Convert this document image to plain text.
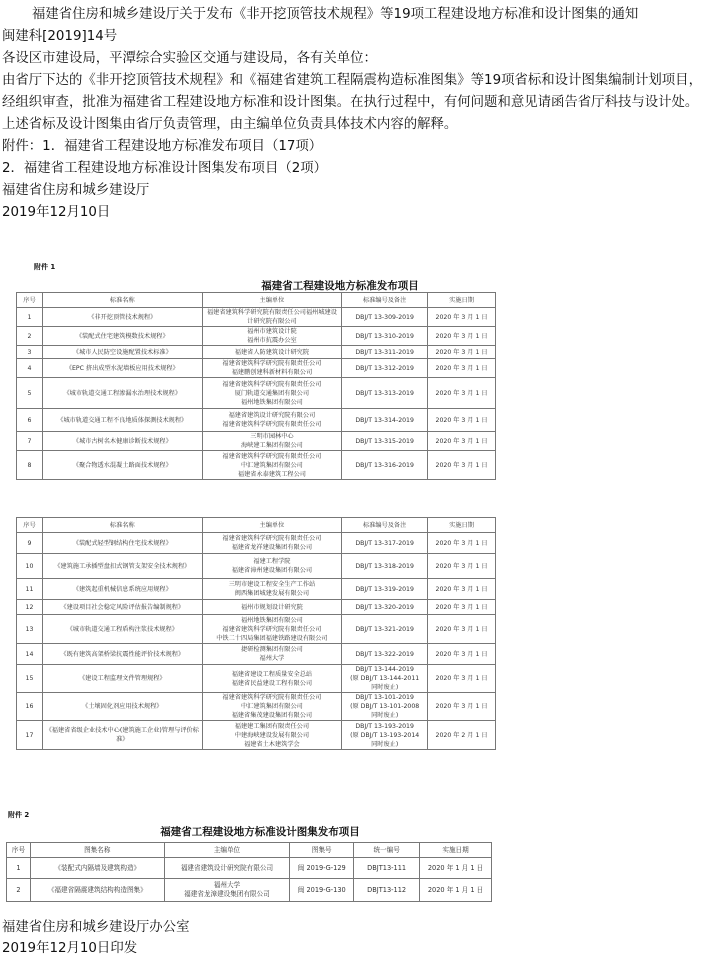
福建省住房和城乡建设厅关于发布《非开挖顶管技术规程》等19项工程建设地方标准和设计图集的通知

闽建科[2019]14号

各设区市建设局，平潭综合实验区交通与建设局，各有关单位：

由省厅下达的《非开挖顶管技术规程》和《福建省建筑工程隔震构造标准图集》等19项省标和设计图集编制计划项目，经组织审查，批准为福建省工程建设地方标准和设计图集。在执行过程中，有何问题和意见请函告省厅科技与设计处。

上述省标及设计图集由省厅负责管理，由主编单位负责具体技术内容的解释。

附件：1．福建省工程建设地方标准发布项目（17项）

2．福建省工程建设地方标准设计图集发布项目（2项）

福建省住房和城乡建设厅

2019年12月10日

附件 1
福建省工程建设地方标准发布项目
序号	标准名称	主编单位	标准编号及备注	实施日期
1	《非开挖顶管技术规程》	福建省建筑科学研究院有限责任公司福州城建设计研究院有限公司	DBJ/T 13-309-2019	2020 年 3 月 1 日
2	《装配式住宅建筑模数技术规程》	福州市建筑设计院
福州市抗震办公室	DBJ/T 13-310-2019	2020 年 3 月 1 日
3	《城市人民防空设施配置技术标准》	福建省人防建筑设计研究院	DBJ/T 13-311-2019	2020 年 3 月 1 日
4	《EPC 挤出成型水泥墙板应用技术规程》	福建省建筑科学研究院有限责任公司
福建鹏创建科新材料有限公司	DBJ/T 13-312-2019	2020 年 3 月 1 日
5	《城市轨道交通工程渗漏水治理技术规程》	福建省建筑科学研究院有限责任公司
厦门轨道交通集团有限公司
福州地铁集团有限公司	DBJ/T 13-313-2019	2020 年 3 月 1 日
6	《城市轨道交通工程不良地质体探测技术规程》	福建省建筑设计研究院有限公司
福建省建筑科学研究院有限责任公司	DBJ/T 13-314-2019	2020 年 3 月 1 日
7	《城市古树名木健康诊断技术规程》	三明市园林中心
海峡建工集团有限公司	DBJ/T 13-315-2019	2020 年 3 月 1 日
8	《聚合物透水混凝土路面技术规程》	福建省建筑科学研究院有限责任公司
中汇建筑集团有限公司
福建省永泰建筑工程公司	DBJ/T 13-316-2019	2020 年 3 月 1 日
序号	标准名称	主编单位	标准编号及备注	实施日期
9	《装配式轻型钢结构住宅技术规程》	福建省建筑科学研究院有限责任公司
福建省龙祥建设集团有限公司	DBJ/T 13-317-2019	2020 年 3 月 1 日
10	《建筑施工承插型盘扣式钢管支架安全技术规程》	福建工程学院
福建省漳州建设集团有限公司	DBJ/T 13-318-2019	2020 年 3 月 1 日
11	《建筑起重机械信息系统应用规程》	三明市建设工程安全生产工作站
闽西集团城建发展有限公司	DBJ/T 13-319-2019	2020 年 3 月 1 日
12	《建设项目社会稳定风险评估报告编制规程》	福州市规划设计研究院	DBJ/T 13-320-2019	2020 年 3 月 1 日
13	《城市轨道交通工程盾构注浆技术规程》	福州地铁集团有限公司
福建省建筑科学研究院有限责任公司
中铁二十四局集团福建铁路建设有限公司	DBJ/T 13-321-2019	2020 年 3 月 1 日
14	《既有建筑高架桥梁抗震性能评价技术规程》	捷研检测集团有限公司
福州大学	DBJ/T 13-322-2019	2020 年 3 月 1 日
15	《建设工程监理文件管理规程》	福建省建设工程质量安全总站
福建省民益建设工程有限公司	DBJ/T 13-144-2019
(原 DBJ/T 13-144-2011
同时废止)	2020 年 3 月 1 日
16	《土壤固化剂应用技术规程》	福建省建筑科学研究院有限责任公司
中汇建筑集团有限公司
福建省集茂建设集团有限公司	DBJ/T 13-101-2019
(原 DBJ/T 13-101-2008
同时废止)	2020 年 3 月 1 日
17	《福建省省级企业技术中心(建筑施工企业)管理与评价标准》	福建建工集团有限责任公司
中建海峡建设发展有限公司
福建省土木建筑学会	DBJ/T 13-193-2019
(原 DBJ/T 13-193-2014
同时废止)	2020 年 2 月 1 日
附件 2
福建省工程建设地方标准设计图集发布项目
序号	图集名称	主编单位	图集号	统一编号	实施日期
1	《装配式内隔墙及建筑构造》	福建省建筑设计研究院有限公司	闽 2019-G-129	DBJT13-111	2020 年 1 月 1 日
2	《福建省隔震建筑结构构造图集》	福州大学
福建省龙漳建设集团有限公司	闽 2019-G-130	DBJT13-112	2020 年 1 月 1 日
福建省住房和城乡建设厅办公室
2019年12月10日印发
